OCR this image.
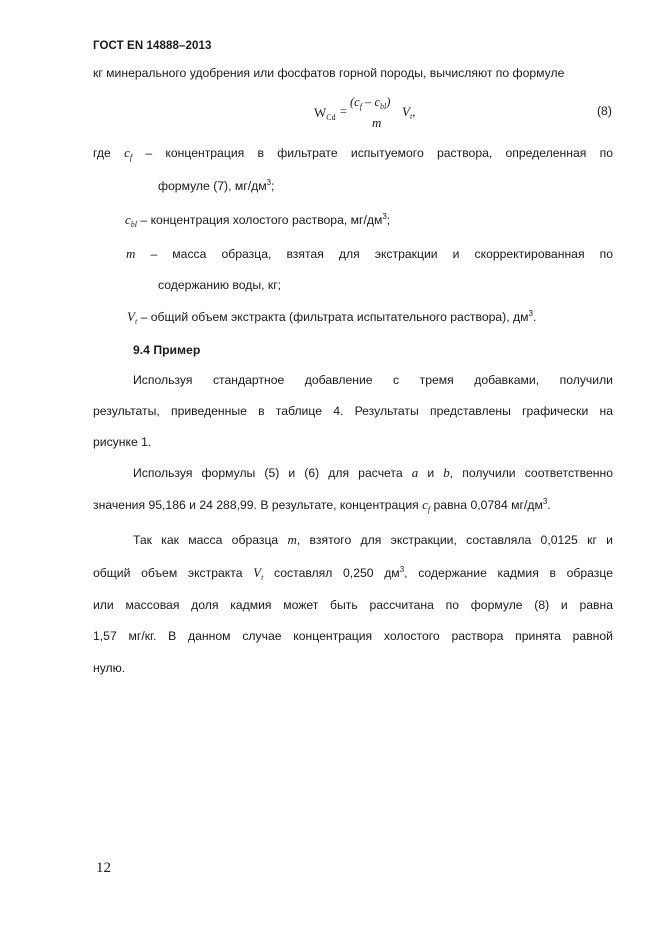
ГОСТ EN 14888–2013
кг минерального удобрения или фосфатов горной породы, вычисляют по формуле
$W_{Cd}$ =
$(c_f - c_{bl})$
m
$V_t$,	(8)
где $c_f$ – концентрация в фильтрате испытуемого раствора, определенная по
формуле (7), $мг/дм^3$;
$c_{bl}$ – концентрация холостого раствора, $мг/дм^3$;
m – масса образца, взятая для экстракции и скорректированная по
содержанию воды, кг;
$V_t$ – общий объем экстракта (фильтрата испытательного раствора), $дм^3$.
9.4 Пример
Используя стандартное добавление с тремя добавками, получили
результаты, приведенные в таблице 4. Результаты представлены графически на
рисунке 1.
Используя формулы (5) и (6) для расчета a и b, получили соответственно
значения 95,186 и 24 288,99. В результате, концентрация $c_f$ равна 0,0784 $мг/дм^3$.
Так как масса образца m, взятого для экстракции, составляла 0,0125 кг и
общий объем экстракта $V_t$ составлял 0,250 $дм^3$, содержание кадмия в образце
или массовая доля кадмия может быть рассчитана по формуле (8) и равна
1,57 мг/кг. В данном случае концентрация холостого раствора принята равной
нулю.
12
